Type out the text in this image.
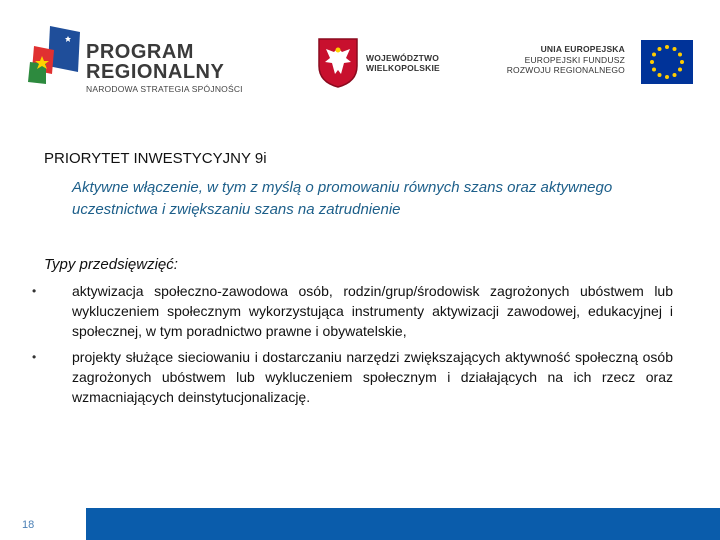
PROGRAM
REGIONALNY
NARODOWA STRATEGIA SPÓJNOŚCI
WOJEWÓDZTWO
WIELKOPOLSKIE
UNIA EUROPEJSKA
EUROPEJSKI FUNDUSZ
ROZWOJU REGIONALNEGO
PRIORYTET INWESTYCYJNY 9i
Aktywne włączenie, w tym z myślą o promowaniu równych szans oraz aktywnego uczestnictwa i zwiększaniu szans na zatrudnienie
Typy przedsięwzięć:
•	aktywizacja społeczno-zawodowa osób, rodzin/grup/środowisk zagrożonych ubóstwem lub wykluczeniem społecznym wykorzystująca instrumenty aktywizacji zawodowej, edukacyjnej i społecznej, w tym poradnictwo prawne i obywatelskie,
•	projekty służące sieciowaniu i dostarczaniu narzędzi zwiększających aktywność społeczną osób zagrożonych ubóstwem lub wykluczeniem społecznym i działających na ich rzecz oraz wzmacniających deinstytucjonalizację.
18
